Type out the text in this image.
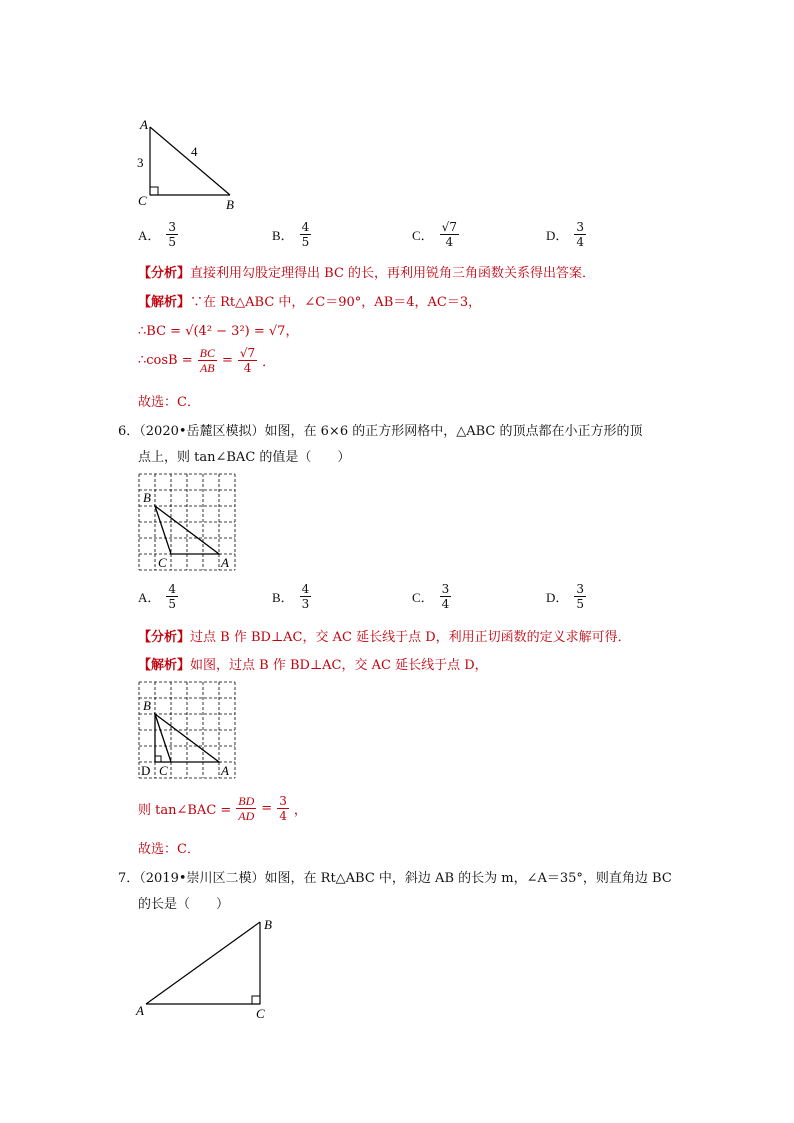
A
C	B
3
4
A． $\frac{3}{5}$	B． $\frac{4}{5}$	C． $\frac{√7}{4}$	D． $\frac{3}{4}$
【分析】直接利用勾股定理得出 BC 的长，再利用锐角三角函数关系得出答案．
【解析】∵在 Rt△ABC 中，∠C＝90°，AB＝4，AC＝3，
∴BC = √(4² − 3²) = √7，
∴cosB = $\frac{BC}{AB} = \frac{√7}{4}$ ．
故选：C．
6．（2020•岳麓区模拟）如图，在 6×6 的正方形网格中，△ABC 的顶点都在小正方形的顶
点上，则 tan∠BAC 的值是（　　）
B
C	A
A． $\frac{4}{5}$	B． $\frac{4}{3}$	C． $\frac{3}{4}$	D． $\frac{3}{5}$
【分析】过点 B 作 BD⊥AC，交 AC 延长线于点 D，利用正切函数的定义求解可得．
【解析】如图，过点 B 作 BD⊥AC，交 AC 延长线于点 D，
B
D C	A
则 tan∠BAC = $\frac{BD}{AD} = \frac{3}{4}$ ，
故选：C．
7．（2019•崇川区二模）如图，在 Rt△ABC 中，斜边 AB 的长为 m，∠A＝35°，则直角边 BC
的长是（　　）
A
B
C
